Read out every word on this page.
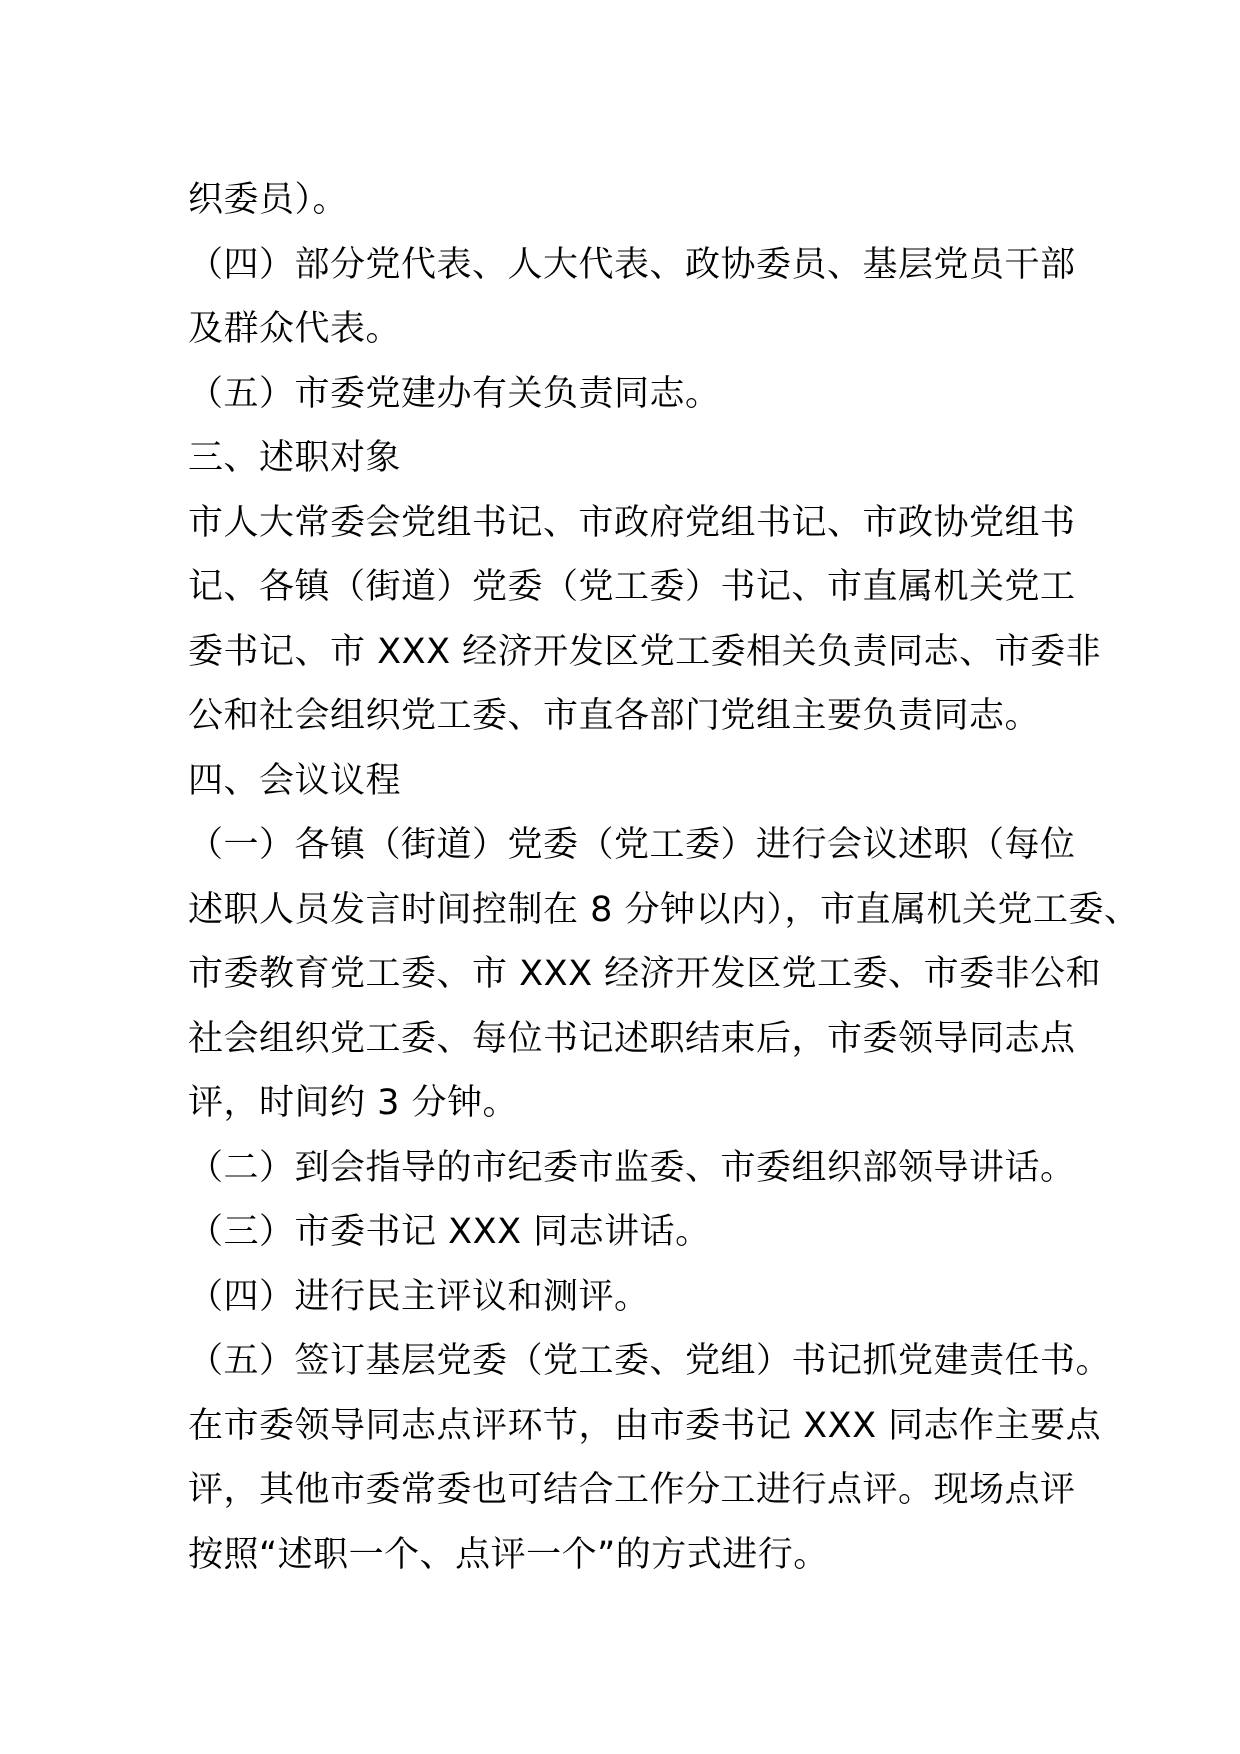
织委员）。

（四）部分党代表、人大代表、政协委员、基层党员干部
及群众代表。

（五）市委党建办有关负责同志。

三、述职对象

市人大常委会党组书记、市政府党组书记、市政协党组书
记、各镇（街道）党委（党工委）书记、市直属机关党工
委书记、市 XXX 经济开发区党工委相关负责同志、市委非
公和社会组织党工委、市直各部门党组主要负责同志。

四、会议议程

（一）各镇（街道）党委（党工委）进行会议述职（每位
述职人员发言时间控制在 8 分钟以内），市直属机关党工委、
市委教育党工委、市 XXX 经济开发区党工委、市委非公和
社会组织党工委、每位书记述职结束后，市委领导同志点
评，时间约 3 分钟。

（二）到会指导的市纪委市监委、市委组织部领导讲话。

（三）市委书记 XXX 同志讲话。

（四）进行民主评议和测评。

（五）签订基层党委（党工委、党组）书记抓党建责任书。

在市委领导同志点评环节，由市委书记 XXX 同志作主要点
评，其他市委常委也可结合工作分工进行点评。现场点评
按照“述职一个、点评一个”的方式进行。
